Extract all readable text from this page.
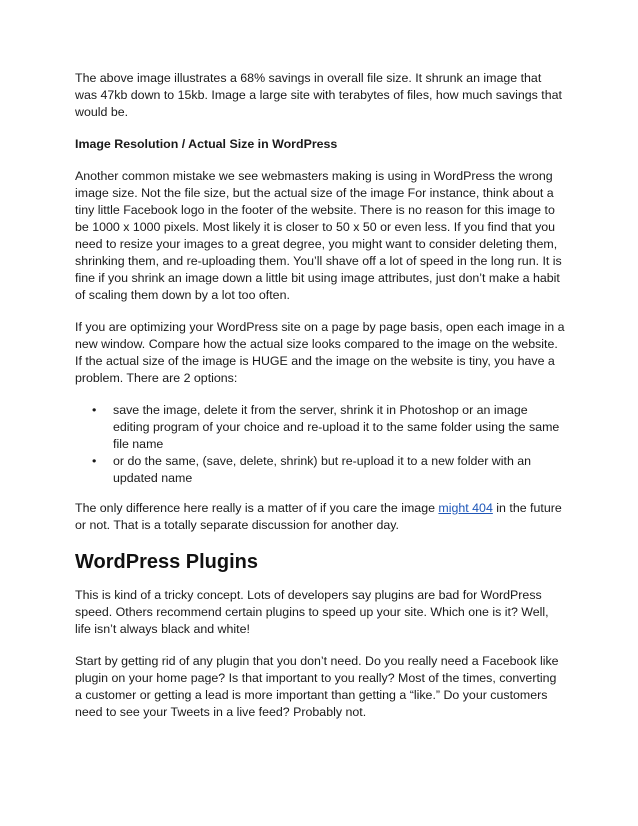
The above image illustrates a 68% savings in overall file size. It shrunk an image that was 47kb down to 15kb. Image a large site with terabytes of files, how much savings that would be.

Image Resolution / Actual Size in WordPress

Another common mistake we see webmasters making is using in WordPress the wrong image size. Not the file size, but the actual size of the image For instance, think about a tiny little Facebook logo in the footer of the website. There is no reason for this image to be 1000 x 1000 pixels. Most likely it is closer to 50 x 50 or even less. If you find that you need to resize your images to a great degree, you might want to consider deleting them, shrinking them, and re-uploading them. You’ll shave off a lot of speed in the long run. It is fine if you shrink an image down a little bit using image attributes, just don’t make a habit of scaling them down by a lot too often.

If you are optimizing your WordPress site on a page by page basis, open each image in a new window. Compare how the actual size looks compared to the image on the website. If the actual size of the image is HUGE and the image on the website is tiny, you have a problem. There are 2 options:

• save the image, delete it from the server, shrink it in Photoshop or an image editing program of your choice and re-upload it to the same folder using the same file name
• or do the same, (save, delete, shrink) but re-upload it to a new folder with an updated name

The only difference here really is a matter of if you care the image might 404 in the future or not. That is a totally separate discussion for another day.

WordPress Plugins

This is kind of a tricky concept. Lots of developers say plugins are bad for WordPress speed. Others recommend certain plugins to speed up your site. Which one is it? Well, life isn’t always black and white!

Start by getting rid of any plugin that you don’t need. Do you really need a Facebook like plugin on your home page? Is that important to you really? Most of the times, converting a customer or getting a lead is more important than getting a “like.” Do your customers need to see your Tweets in a live feed? Probably not.
